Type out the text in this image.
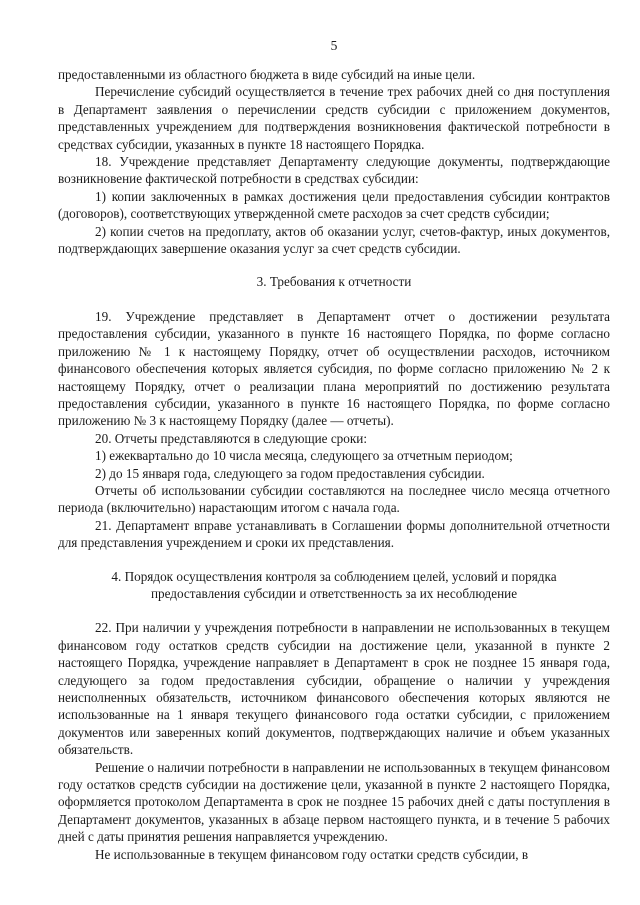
5

предоставленными из областного бюджета в виде субсидий на иные цели.

Перечисление субсидий осуществляется в течение трех рабочих дней со дня поступления в Департамент заявления о перечислении средств субсидии с приложением документов, представленных учреждением для подтверждения возникновения фактической потребности в средствах субсидии, указанных в пункте 18 настоящего Порядка.

18. Учреждение представляет Департаменту следующие документы, подтверждающие возникновение фактической потребности в средствах субсидии:

1) копии заключенных в рамках достижения цели предоставления субсидии контрактов (договоров), соответствующих утвержденной смете расходов за счет средств субсидии;

2) копии счетов на предоплату, актов об оказании услуг, счетов-фактур, иных документов, подтверждающих завершение оказания услуг за счет средств субсидии.

3. Требования к отчетности

19. Учреждение представляет в Департамент отчет о достижении результата предоставления субсидии, указанного в пункте 16 настоящего Порядка, по форме согласно приложению № 1 к настоящему Порядку, отчет об осуществлении расходов, источником финансового обеспечения которых является субсидия, по форме согласно приложению № 2 к настоящему Порядку, отчет о реализации плана мероприятий по достижению результата предоставления субсидии, указанного в пункте 16 настоящего Порядка, по форме согласно приложению № 3 к настоящему Порядку (далее — отчеты).

20. Отчеты представляются в следующие сроки:

1) ежеквартально до 10 числа месяца, следующего за отчетным периодом;

2) до 15 января года, следующего за годом предоставления субсидии.

Отчеты об использовании субсидии составляются на последнее число месяца отчетного периода (включительно) нарастающим итогом с начала года.

21. Департамент вправе устанавливать в Соглашении формы дополнительной отчетности для представления учреждением и сроки их представления.

4. Порядок осуществления контроля за соблюдением целей, условий и порядка
предоставления субсидии и ответственность за их несоблюдение

22. При наличии у учреждения потребности в направлении не использованных в текущем финансовом году остатков средств субсидии на достижение цели, указанной в пункте 2 настоящего Порядка, учреждение направляет в Департамент в срок не позднее 15 января года, следующего за годом предоставления субсидии, обращение о наличии у учреждения неисполненных обязательств, источником финансового обеспечения которых являются не использованные на 1 января текущего финансового года остатки субсидии, с приложением документов или заверенных копий документов, подтверждающих наличие и объем указанных обязательств.

Решение о наличии потребности в направлении не использованных в текущем финансовом году остатков средств субсидии на достижение цели, указанной в пункте 2 настоящего Порядка, оформляется протоколом Департамента в срок не позднее 15 рабочих дней с даты поступления в Департамент документов, указанных в абзаце первом настоящего пункта, и в течение 5 рабочих дней с даты принятия решения направляется учреждению.

Не использованные в текущем финансовом году остатки средств субсидии, в
